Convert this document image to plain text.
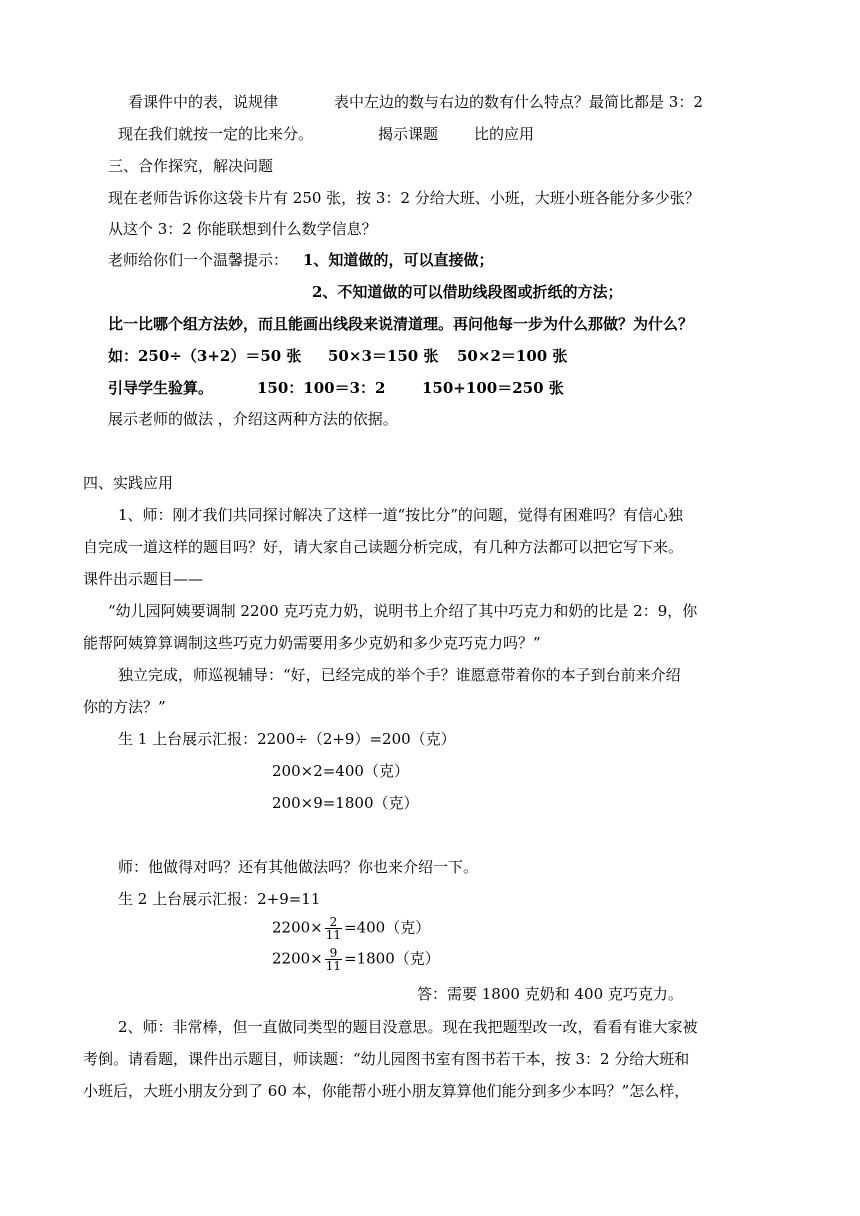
看课件中的表，说规律	表中左边的数与右边的数有什么特点？最简比都是 3：2
现在我们就按一定的比来分。	揭示课题 比的应用
三、合作探究，解决问题
现在老师告诉你这袋卡片有 250 张，按 3：2 分给大班、小班，大班小班各能分多少张？
从这个 3：2 你能联想到什么数学信息？
老师给你们一个温馨提示： 1、知道做的，可以直接做；
2、不知道做的可以借助线段图或折纸的方法；
比一比哪个组方法妙，而且能画出线段来说清道理。再问他每一步为什么那做？为什么？
如：250÷（3+2）＝50 张 50×3＝150 张 50×2＝100 张
引导学生验算。	150：100＝3：2 150+100＝250 张
展示老师的做法 ，介绍这两种方法的依据。
四、实践应用
1、师：刚才我们共同探讨解决了这样一道“按比分”的问题，觉得有困难吗？有信心独
自完成一道这样的题目吗？好，请大家自己读题分析完成，有几种方法都可以把它写下来。
课件出示题目——
“幼儿园阿姨要调制 2200 克巧克力奶，说明书上介绍了其中巧克力和奶的比是 2：9，你
能帮阿姨算算调制这些巧克力奶需要用多少克奶和多少克巧克力吗？”
独立完成，师巡视辅导：“好，已经完成的举个手？谁愿意带着你的本子到台前来介绍
你的方法？”
生 1 上台展示汇报：2200÷（2+9）=200（克）
200×2=400（克）
200×9=1800（克）
师：他做得对吗？还有其他做法吗？你也来介绍一下。
生 2 上台展示汇报：2+9=11
$2200\times \frac{2}{11} =400$（克）
$2200\times \frac{9}{11} =1800$（克）
答：需要 1800 克奶和 400 克巧克力。
2、师：非常棒，但一直做同类型的题目没意思。现在我把题型改一改，看看有谁大家被
考倒。请看题，课件出示题目，师读题：“幼儿园图书室有图书若干本，按 3：2 分给大班和
小班后，大班小朋友分到了 60 本，你能帮小班小朋友算算他们能分到多少本吗？”怎么样，
